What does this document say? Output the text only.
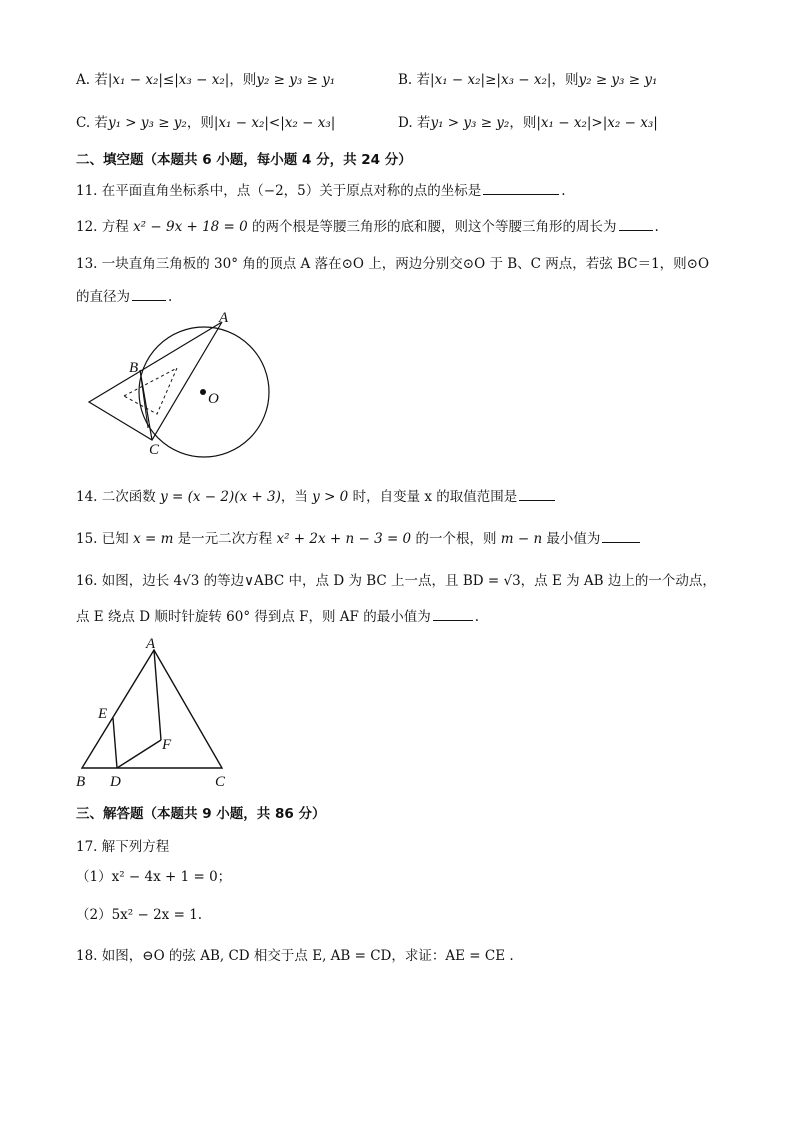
A. 若|x₁ − x₂|≤|x₃ − x₂|，则y₂ ≥ y₃ ≥ y₁	B. 若|x₁ − x₂|≥|x₃ − x₂|，则y₂ ≥ y₃ ≥ y₁
C. 若y₁ > y₃ ≥ y₂，则|x₁ − x₂|<|x₂ − x₃|	D. 若y₁ > y₃ ≥ y₂，则|x₁ − x₂|>|x₂ − x₃|
二、填空题（本题共 6 小题，每小题 4 分，共 24 分）
11. 在平面直角坐标系中，点（−2，5）关于原点对称的点的坐标是	.
12. 方程 x² − 9x + 18 = 0 的两个根是等腰三角形的底和腰，则这个等腰三角形的周长为	.
13. 一块直角三角板的 30° 角的顶点 A 落在⊙O 上，两边分别交⊙O 于 B、C 两点，若弦 BC＝1，则⊙O
的直径为	.
A
B
C
O
14. 二次函数 y = (x − 2)(x + 3)，当 y > 0 时，自变量 x 的取值范围是
15. 已知 x = m 是一元二次方程 x² + 2x + n − 3 = 0 的一个根，则 m − n 最小值为
16. 如图，边长 4√3 的等边∨ABC 中，点 D 为 BC 上一点，且 BD = √3，点 E 为 AB 边上的一个动点，
点 E 绕点 D 顺时针旋转 60° 得到点 F，则 AF 的最小值为	.
A
E
F
B D	C
三、解答题（本题共 9 小题，共 86 分）
17. 解下列方程
（1）x² − 4x + 1 = 0；
（2）5x² − 2x = 1.
18. 如图，⊖O 的弦 AB, CD 相交于点 E, AB = CD，求证：AE = CE .
